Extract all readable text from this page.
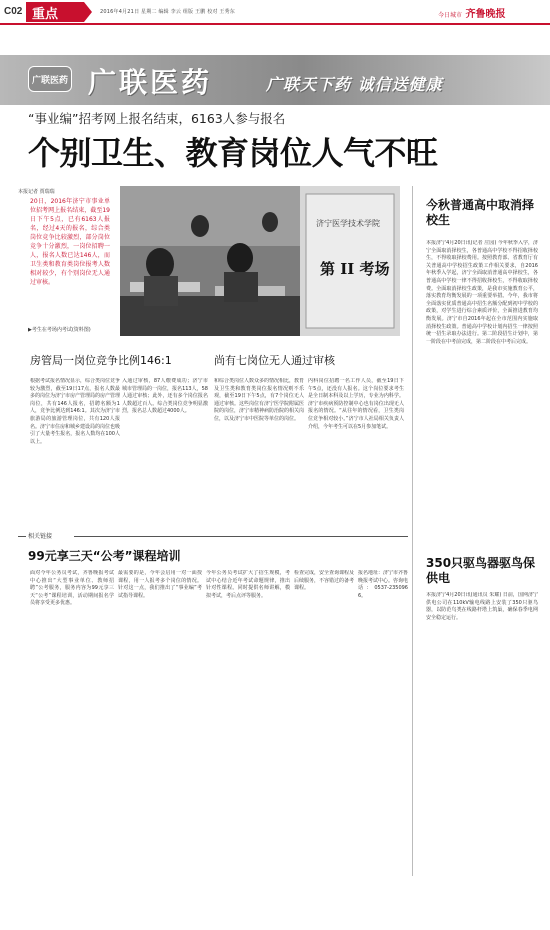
C02 重点	2016年4月21日 星期二 编辑 李云 组版 王鹏 校对 王秀东	今日城市 齐鲁晚报
广联医药 广联医药	广联天下药 诚信送健康
“事业编”招考网上报名结束，6163人参与报名
个别卫生、教育岗位人气不旺
本报记者 贾瑞瑞
20日，2016年济宁市事业单位招考网上报名结束，截至19日下午5点，已有6163人报名，经过4天的报名，综合类岗位竞争比较激烈，部分岗位竞争十分激烈，一岗位招聘一人，报名人数已达146人，而卫生类和教育类岗位报考人数相对较少，有个别岗位无人通过审核。
济宁医学技术学院
第 II 考场
▶考生在考场内考试(资料图)
今秋普通高中取消择校生
本报济宁4月20日讯(记者 庄园) 今年秋季入学，济宁全面取消择校生，各普通高中学校不得招收择校生，不得收取择校费用。按照教育部、省教育厅有关普通高中学校招生政策工作相关要求，自2016年秋季入学起，济宁全面取消普通高中择校生，各普通高中学校一律不得招收择校生，不得收取择校费。全面取消择校生政策，是我市实施教育公平，落实教育均衡发展的一项重要举措。今年，我市将全面落实优质普通高中招生名额分配到初中学校的政策，对学生进行综合素质评价，全面推进教育均衡发展。济宁市自2016年起在全市范围内实施取消择校生政策。普通高中学校计划内招生一律按照统一招生录取办法进行。第二阶段招生计划中，第一阶段在中考前完成，第二阶段在中考后完成。
350只驱鸟器驱鸟保供电
本报济宁4月20日讯(通讯员 朱耀) 日前，国网济宁供电公司在110kV输电线路上安装了350只驱鸟器，以防范鸟类在线路杆塔上筑巢，确保春季电网安全稳定运行。
房管局一岗位竞争比例146:1	尚有七岗位无人通过审核
根据考试报名情况显示，综合类岗位竞争较为激烈，截至19日17点，报名人数最多的岗位为济宁市房产管理局的房产管理岗位，共有146人报名，招聘名额为1人，竞争比例达到146:1。其次为济宁市旅游局的旅游管理岗位，共有120人报名。济宁市住房和城乡建设局的岗位也吸引了大量考生报名，报名人数均在100人以上。
入通过审核，87人缴费成功；济宁市城市管理局的一岗位，报名113人，58人通过审核；此外，还有多个岗位报名人数超过百人。综合类岗位竞争明显激烈，报名总人数超过4000人。
和综合类岗位人数众多的情况相比，教育及卫生类和教育类岗位报名情况则不乐观，截至19日下午5点，有7个岗位无人通过审核。这些岗位有济宁医学院附属医院的岗位，济宁市精神病防治院的相关岗位，以及济宁市中医院等单位的岗位。
内科岗位招聘一名工作人员，截至19日下午5点，还没有人报名。这个岗位要求考生是全日制本科及以上学历，专业为内科学。济宁市疾病预防控制中心也有岗位出现无人报名的情况。“从往年的情况看，卫生类岗位竞争相对较小。”济宁市人社局相关负责人介绍，今年考生可以在5月参加笔试。
相关链接
99元享三天“公考”课程培训
面对今年公务员考试，齐鲁晚报考试中心推出“大型事业单位、教师招聘”公考服务，服务内容为99元享三天“公考”课程培训，活动期间报名学员将享受更多优惠。
最需要的是，今年会启用一对一面授课程，用一人报考多个岗位的情况。针对这一点，我们推出了“事业编”考试指导课程。
今年公务员考试扩大了招生规模，考试中心结合近年考试命题规律，推出针对性课程。同时提供名师讲解，模拟考试，考后点评等服务。
检查完成，安全查询课程及后续服务，不容错过的备考课程。
报名地址：济宁市齐鲁晚报考试中心。咨询电话：0537-2350966。
